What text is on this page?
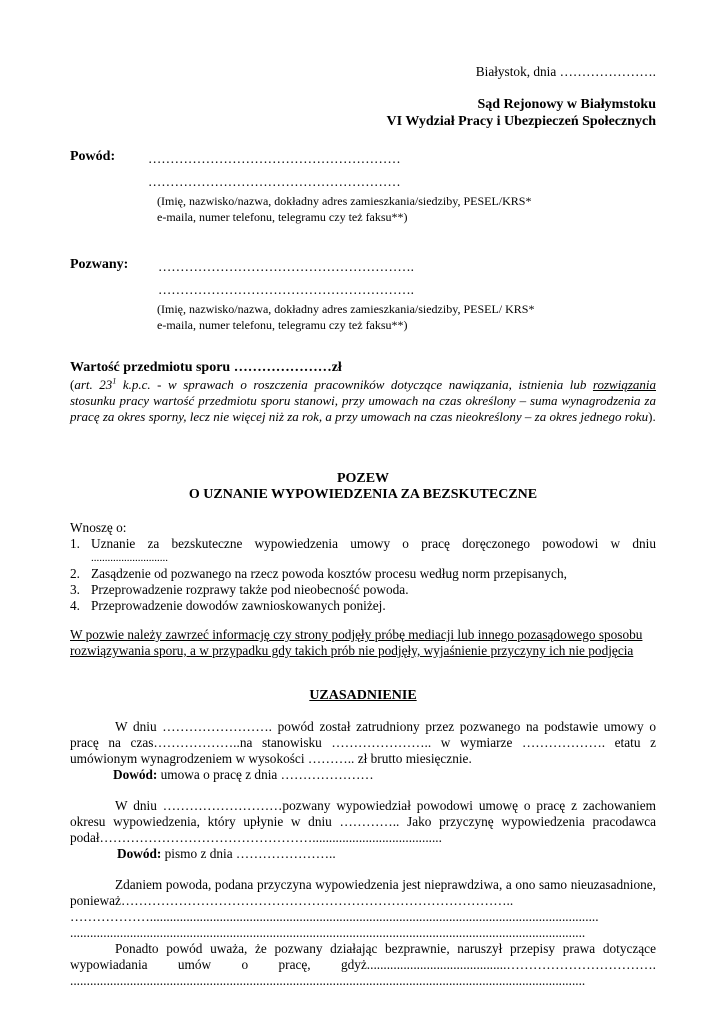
Białystok, dnia ………………….
Sąd Rejonowy w Białymstoku
VI Wydział Pracy i Ubezpieczeń Społecznych
Powód: …………………………………………………
…………………………………………………
(Imię, nazwisko/nazwa, dokładny adres zamieszkania/siedziby, PESEL/KRS*
e-maila, numer telefonu, telegramu czy też faksu**)
Pozwany: ………………………………………………….
………………………………………………….
(Imię, nazwisko/nazwa, dokładny adres zamieszkania/siedziby, PESEL/ KRS*
e-maila, numer telefonu, telegramu czy też faksu**)
Wartość przedmiotu sporu …………………zł
(art. $23^1$ k.p.c. - w sprawach o roszczenia pracowników dotyczące nawiązania, istnienia lub rozwiązania stosunku pracy wartość przedmiotu sporu stanowi, przy umowach na czas określony – suma wynagrodzenia za pracę za okres sporny, lecz nie więcej niż za rok, a przy umowach na czas nieokreślony – za okres jednego roku).
POZEW
O UZNANIE WYPOWIEDZENIA ZA BEZSKUTECZNE
Wnoszę o:
1. Uznanie za bezskuteczne wypowiedzenia umowy o pracę doręczonego powodowi w dniu
............................
2. Zasądzenie od pozwanego na rzecz powoda kosztów procesu według norm przepisanych,
3. Przeprowadzenie rozprawy także pod nieobecność powoda.
4. Przeprowadzenie dowodów zawnioskowanych poniżej.
W pozwie należy zawrzeć informację czy strony podjęły próbę mediacji lub innego pozasądowego sposobu rozwiązywania sporu, a w przypadku gdy takich prób nie podjęły, wyjaśnienie przyczyny ich nie podjęcia
UZASADNIENIE
W dniu ……………………. powód został zatrudniony przez pozwanego na podstawie umowy o
pracę na czas………………..na stanowisku ………………….. w wymiarze ………………. etatu z
umówionym wynagrodzeniem w wysokości ……….. zł brutto miesięcznie.
Dowód: umowa o pracę z dnia …………………
W dniu ………………………pozwany wypowiedział powodowi umowę o pracę z zachowaniem
okresu wypowiedzenia, który upłynie w dniu ………….. Jako przyczynę wypowiedzenia pracodawca
podał………………………………………….......................................
Dowód: pismo z dnia …………………..
Zdaniem powoda, podana przyczyna wypowiedzenia jest nieprawdziwa, a ono samo nieuzasadnione,
ponieważ……………………………………………………………………………..
……………….......................................................................................................................................
...........................................................................................................................................................
Ponadto powód uważa, że pozwany działając bezprawnie, naruszył przepisy prawa dotyczące
wypowiadania umów o pracę, gdyż..........................................…………………………….
...........................................................................................................................................................
